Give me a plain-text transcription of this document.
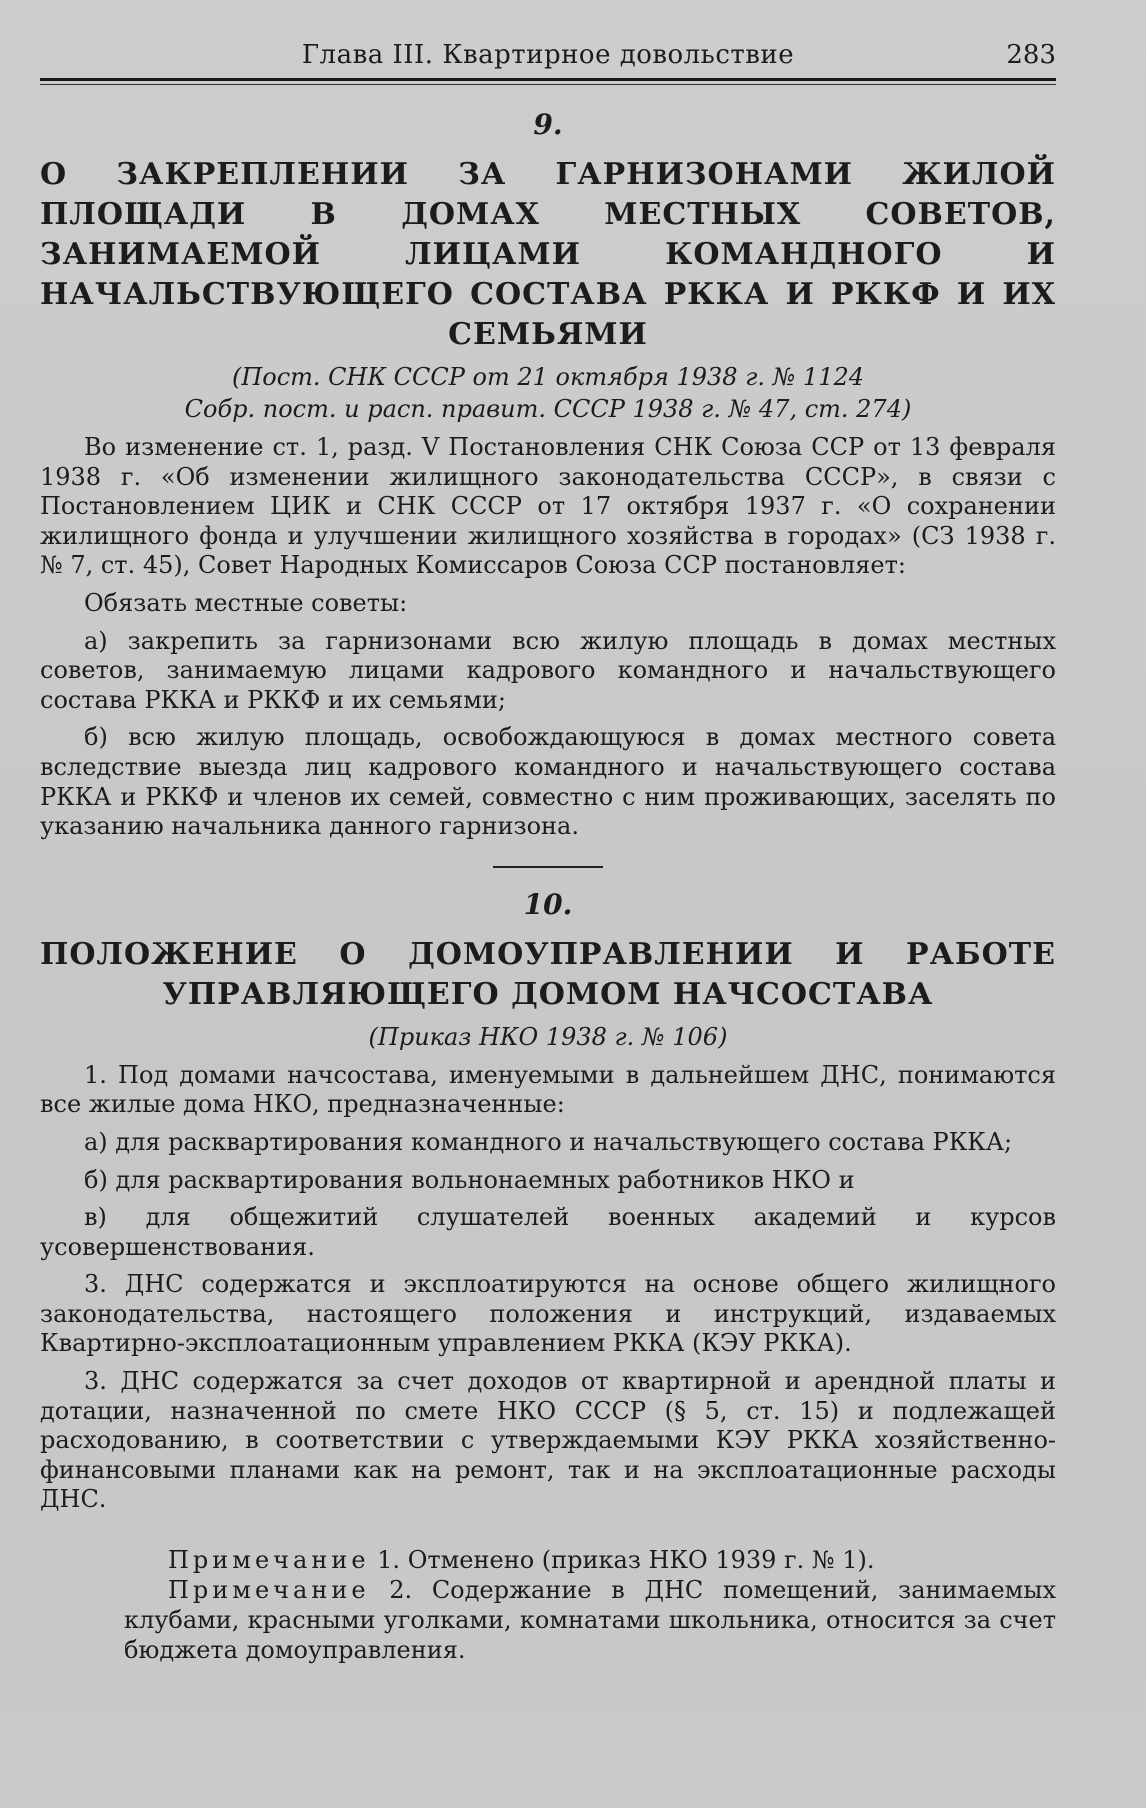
Глава III. Квартирное довольствие	283
9.
О ЗАКРЕПЛЕНИИ ЗА ГАРНИЗОНАМИ ЖИЛОЙ ПЛОЩАДИ В ДОМАХ МЕСТНЫХ СОВЕТОВ, ЗАНИМАЕМОЙ ЛИЦАМИ КОМАНДНОГО И НАЧАЛЬСТВУЮЩЕГО СОСТАВА РККА И РККФ И ИХ СЕМЬЯМИ
(Пост. СНК СССР от 21 октября 1938 г. № 1124
Собр. пост. и расп. правит. СССР 1938 г. № 47, ст. 274)

Во изменение ст. 1, разд. V Постановления СНК Союза ССР от 13 февраля 1938 г. «Об изменении жилищного законодательства СССР», в связи с Постановлением ЦИК и СНК СССР от 17 октября 1937 г. «О сохранении жилищного фонда и улучшении жилищного хозяйства в городах» (СЗ 1938 г. № 7, ст. 45), Совет Народных Комиссаров Союза ССР постановляет:

Обязать местные советы:

а) закрепить за гарнизонами всю жилую площадь в домах местных советов, занимаемую лицами кадрового командного и начальствующего состава РККА и РККФ и их семьями;

б) всю жилую площадь, освобождающуюся в домах местного совета вследствие выезда лиц кадрового командного и начальствующего состава РККА и РККФ и членов их семей, совместно с ним проживающих, заселять по указанию начальника данного гарнизона.

10.
ПОЛОЖЕНИЕ О ДОМОУПРАВЛЕНИИ И РАБОТЕ УПРАВЛЯЮЩЕГО ДОМОМ НАЧСОСТАВА
(Приказ НКО 1938 г. № 106)

1. Под домами начсостава, именуемыми в дальнейшем ДНС, понимаются все жилые дома НКО, предназначенные:

а) для расквартирования командного и начальствующего состава РККА;

б) для расквартирования вольнонаемных работников НКО и

в) для общежитий слушателей военных академий и курсов усовершенствования.

3. ДНС содержатся и эксплоатируются на основе общего жилищного законодательства, настоящего положения и инструкций, издаваемых Квартирно-эксплоатационным управлением РККА (КЭУ РККА).

3. ДНС содержатся за счет доходов от квартирной и арендной платы и дотации, назначенной по смете НКО СССР (§ 5, ст. 15) и подлежащей расходованию, в соответствии с утверждаемыми КЭУ РККА хозяйственно-финансовыми планами как на ремонт, так и на эксплоатационные расходы ДНС.

Примечание 1. Отменено (приказ НКО 1939 г. № 1).

Примечание 2. Содержание в ДНС помещений, занимаемых клубами, красными уголками, комнатами школьника, относится за счет бюджета домоуправления.
